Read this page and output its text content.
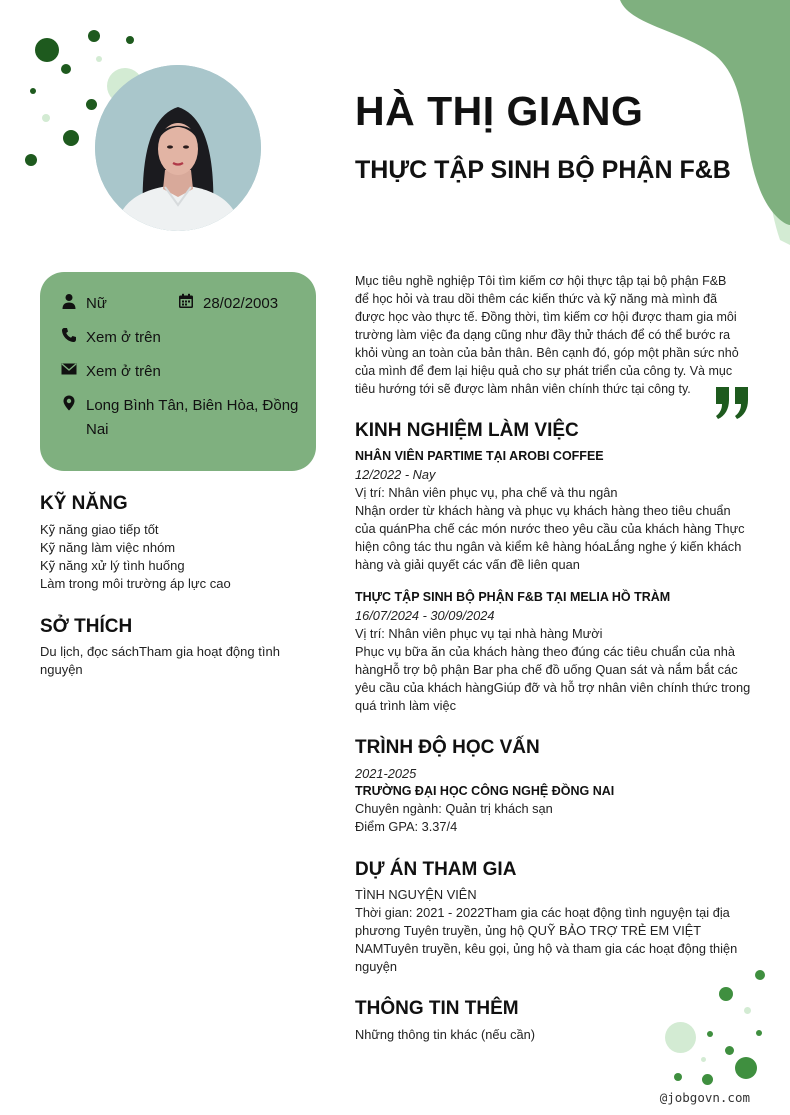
HÀ THỊ GIANG
THỰC TẬP SINH BỘ PHẬN F&B
Nữ	28/02/2003
Xem ở trên
Xem ở trên
Long Bình Tân, Biên Hòa, Đồng
Nai
KỸ NĂNG
Kỹ năng giao tiếp tốt
Kỹ năng làm việc nhóm
Kỹ năng xử lý tình huống
Làm trong môi trường áp lực cao
SỞ THÍCH
Du lịch, đọc sáchTham gia hoạt động tình
nguyện
Mục tiêu nghề nghiệp Tôi tìm kiếm cơ hội thực tập tại bộ phận F&B
để học hỏi và trau dồi thêm các kiến thức và kỹ năng mà mình đã
được học vào thực tế. Đồng thời, tìm kiếm cơ hội được tham gia môi
trường làm việc đa dạng cũng như đầy thử thách để có thể bước ra
khỏi vùng an toàn của bản thân. Bên cạnh đó, góp một phần sức nhỏ
của mình để đem lại hiệu quả cho sự phát triển của công ty. Và mục
tiêu hướng tới sẽ được làm nhân viên chính thức tại công ty.
KINH NGHIỆM LÀM VIỆC
NHÂN VIÊN PARTIME TẠI AROBI COFFEE
12/2022 - Nay
Vị trí: Nhân viên phục vụ, pha chế và thu ngân
Nhận order từ khách hàng và phục vụ khách hàng theo tiêu chuẩn
của quánPha chế các món nước theo yêu cầu của khách hàng Thực
hiện công tác thu ngân và kiểm kê hàng hóaLắng nghe ý kiến khách
hàng và giải quyết các vấn đề liên quan
THỰC TẬP SINH BỘ PHẬN F&B TẠI MELIA HỒ TRÀM
16/07/2024 - 30/09/2024
Vị trí: Nhân viên phục vụ tại nhà hàng Mười
Phục vụ bữa ăn của khách hàng theo đúng các tiêu chuẩn của nhà
hàngHỗ trợ bộ phận Bar pha chế đồ uống Quan sát và nắm bắt các
yêu cầu của khách hàngGiúp đỡ và hỗ trợ nhân viên chính thức trong
quá trình làm việc
TRÌNH ĐỘ HỌC VẤN
2021-2025
TRƯỜNG ĐẠI HỌC CÔNG NGHỆ ĐỒNG NAI
Chuyên ngành: Quản trị khách sạn
Điểm GPA: 3.37/4
DỰ ÁN THAM GIA
TÌNH NGUYỆN VIÊN
Thời gian: 2021 - 2022Tham gia các hoạt động tình nguyện tại địa
phương Tuyên truyền, ủng hộ QUỸ BẢO TRỢ TRẺ EM VIỆT
NAMTuyên truyền, kêu gọi, ủng hộ và tham gia các hoạt động thiện
nguyện
THÔNG TIN THÊM
Những thông tin khác (nếu cần)
@jobgovn.com
